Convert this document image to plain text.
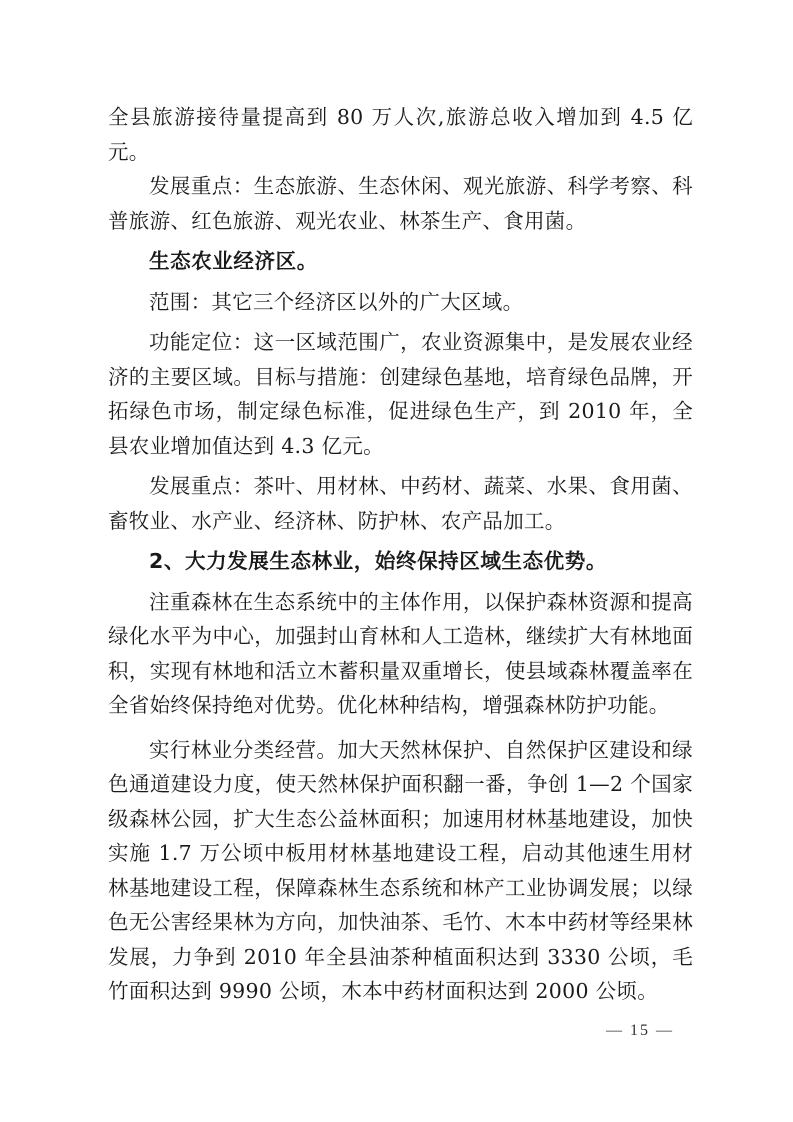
全县旅游接待量提高到 80 万人次,旅游总收入增加到 4.5 亿元。

发展重点：生态旅游、生态休闲、观光旅游、科学考察、科普旅游、红色旅游、观光农业、林茶生产、食用菌。

生态农业经济区。

范围：其它三个经济区以外的广大区域。

功能定位：这一区域范围广，农业资源集中，是发展农业经济的主要区域。目标与措施：创建绿色基地，培育绿色品牌，开拓绿色市场，制定绿色标准，促进绿色生产，到 2010 年，全县农业增加值达到 4.3 亿元。

发展重点：茶叶、用材林、中药材、蔬菜、水果、食用菌、畜牧业、水产业、经济林、防护林、农产品加工。

2、大力发展生态林业，始终保持区域生态优势。

注重森林在生态系统中的主体作用，以保护森林资源和提高绿化水平为中心，加强封山育林和人工造林，继续扩大有林地面积，实现有林地和活立木蓄积量双重增长，使县域森林覆盖率在全省始终保持绝对优势。优化林种结构，增强森林防护功能。

实行林业分类经营。加大天然林保护、自然保护区建设和绿色通道建设力度，使天然林保护面积翻一番，争创 1—2 个国家级森林公园，扩大生态公益林面积；加速用材林基地建设，加快实施 1.7 万公顷中板用材林基地建设工程，启动其他速生用材林基地建设工程，保障森林生态系统和林产工业协调发展；以绿色无公害经果林为方向，加快油茶、毛竹、木本中药材等经果林发展，力争到 2010 年全县油茶种植面积达到 3330 公顷，毛竹面积达到 9990 公顷，木本中药材面积达到 2000 公顷。

— 15 —
